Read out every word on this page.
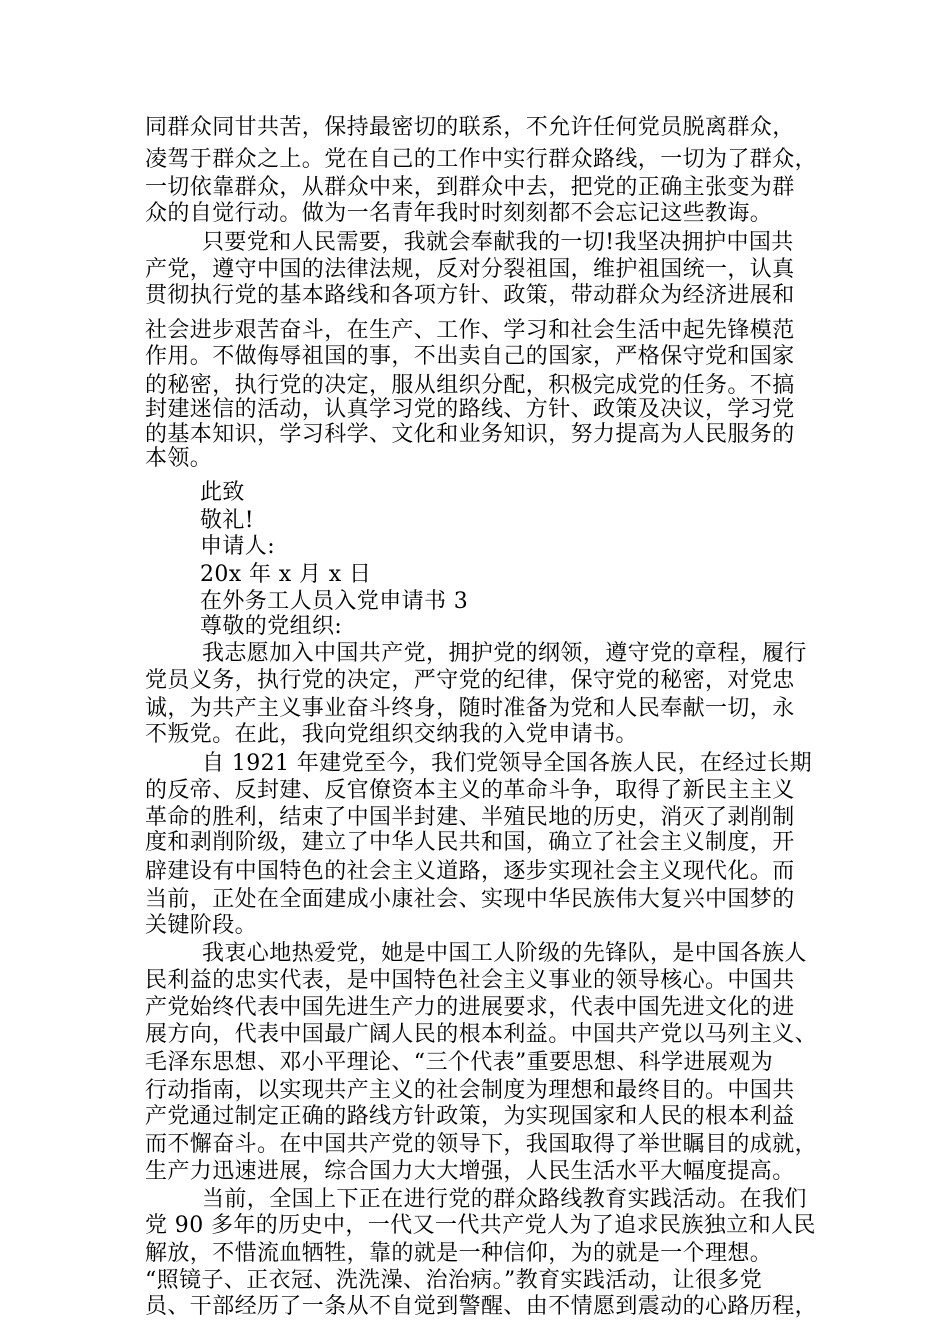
同群众同甘共苦，保持最密切的联系，不允许任何党员脱离群众，
凌驾于群众之上。党在自己的工作中实行群众路线，一切为了群众，
一切依靠群众，从群众中来，到群众中去，把党的正确主张变为群
众的自觉行动。做为一名青年我时时刻刻都不会忘记这些教诲。
只要党和人民需要，我就会奉献我的一切!我坚决拥护中国共
产党，遵守中国的法律法规，反对分裂祖国，维护祖国统一，认真
贯彻执行党的基本路线和各项方针、政策，带动群众为经济进展和
社会进步艰苦奋斗，在生产、工作、学习和社会生活中起先锋模范
作用。不做侮辱祖国的事，不出卖自己的国家，严格保守党和国家
的秘密，执行党的决定，服从组织分配，积极完成党的任务。不搞
封建迷信的活动，认真学习党的路线、方针、政策及决议，学习党
的基本知识，学习科学、文化和业务知识，努力提高为人民服务的
本领。
此致
敬礼!
申请人:
20x 年 x 月 x 日
在外务工人员入党申请书 3
尊敬的党组织:
我志愿加入中国共产党，拥护党的纲领，遵守党的章程，履行
党员义务，执行党的决定，严守党的纪律，保守党的秘密，对党忠
诚，为共产主义事业奋斗终身，随时准备为党和人民奉献一切，永
不叛党。在此，我向党组织交纳我的入党申请书。
自 1921 年建党至今，我们党领导全国各族人民，在经过长期
的反帝、反封建、反官僚资本主义的革命斗争，取得了新民主主义
革命的胜利，结束了中国半封建、半殖民地的历史，消灭了剥削制
度和剥削阶级，建立了中华人民共和国，确立了社会主义制度，开
辟建设有中国特色的社会主义道路，逐步实现社会主义现代化。而
当前，正处在全面建成小康社会、实现中华民族伟大复兴中国梦的
关键阶段。
我衷心地热爱党，她是中国工人阶级的先锋队，是中国各族人
民利益的忠实代表，是中国特色社会主义事业的领导核心。中国共
产党始终代表中国先进生产力的进展要求，代表中国先进文化的进
展方向，代表中国最广阔人民的根本利益。中国共产党以马列主义、
毛泽东思想、邓小平理论、“三个代表”重要思想、科学进展观为
行动指南，以实现共产主义的社会制度为理想和最终目的。中国共
产党通过制定正确的路线方针政策，为实现国家和人民的根本利益
而不懈奋斗。在中国共产党的领导下，我国取得了举世瞩目的成就，
生产力迅速进展，综合国力大大增强，人民生活水平大幅度提高。
当前，全国上下正在进行党的群众路线教育实践活动。在我们
党 90 多年的历史中，一代又一代共产党人为了追求民族独立和人民
解放，不惜流血牺牲，靠的就是一种信仰，为的就是一个理想。
“照镜子、正衣冠、洗洗澡、治治病。”教育实践活动，让很多党
员、干部经历了一条从不自觉到警醒、由不情愿到震动的心路历程，
